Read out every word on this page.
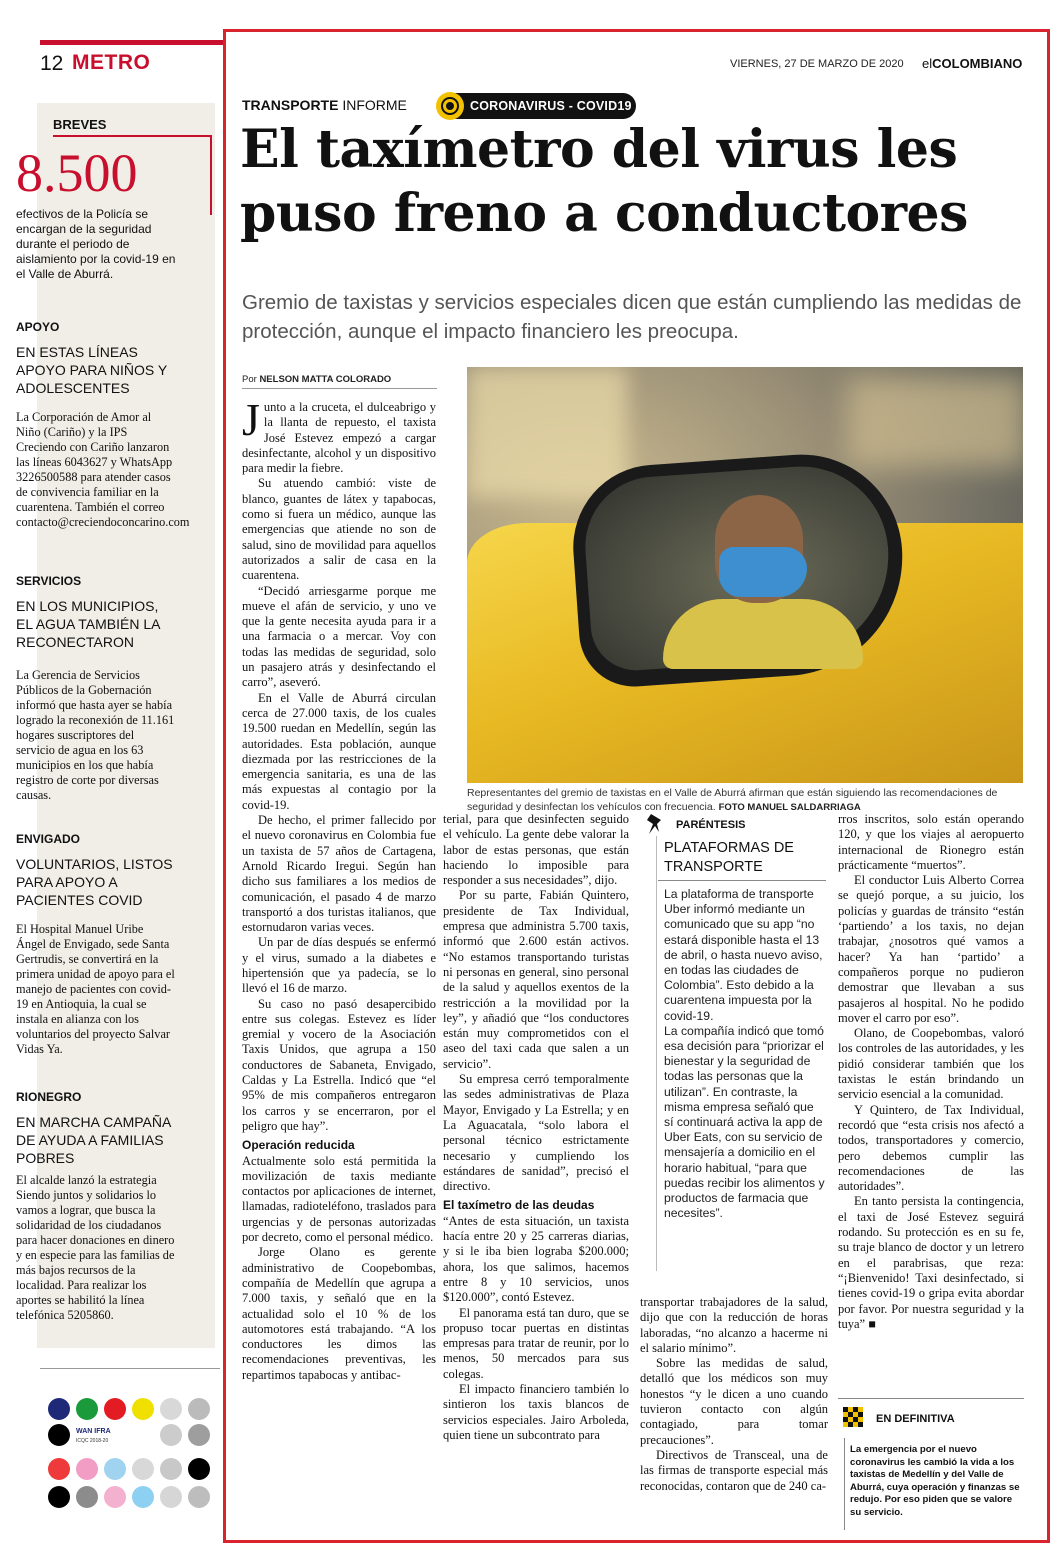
12 METRO
BREVES
8.500
efectivos de la Policía se encargan de la seguridad durante el periodo de aislamiento por la covid-19 en el Valle de Aburrá.
APOYO
EN ESTAS LÍNEAS APOYO PARA NIÑOS Y ADOLESCENTES
La Corporación de Amor al Niño (Cariño) y la IPS Creciendo con Cariño lanzaron las líneas 6043627 y WhatsApp 3226500588 para atender casos de convivencia familiar en la cuarentena. También el correo contacto@creciendoconcarino.com
SERVICIOS
EN LOS MUNICIPIOS, EL AGUA TAMBIÉN LA RECONECTARON
La Gerencia de Servicios Públicos de la Gobernación informó que hasta ayer se había logrado la reconexión de 11.161 hogares suscriptores del servicio de agua en los 63 municipios en los que había registro de corte por diversas causas.
ENVIGADO
VOLUNTARIOS, LISTOS PARA APOYO A PACIENTES COVID
El Hospital Manuel Uribe Ángel de Envigado, sede Santa Gertrudis, se convertirá en la primera unidad de apoyo para el manejo de pacientes con covid-19 en Antioquia, la cual se instala en alianza con los voluntarios del proyecto Salvar Vidas Ya.
RIONEGRO
EN MARCHA CAMPAÑA DE AYUDA A FAMILIAS POBRES
El alcalde lanzó la estrategia Siendo juntos y solidarios lo vamos a lograr, que busca la solidaridad de los ciudadanos para hacer donaciones en dinero y en especie para las familias de más bajos recursos de la localidad. Para realizar los aportes se habilitó la línea telefónica 5205860.
WAN IFRA
ICQC 2018-20
VIERNES, 27 DE MARZO DE 2020 elCOLOMBIANO
TRANSPORTE INFORME	CORONAVIRUS - COVID19
El taxímetro del virus les puso freno a conductores
Gremio de taxistas y servicios especiales dicen que están cumpliendo las medidas de protección, aunque el impacto financiero les preocupa.
Por NELSON MATTA COLORADO
Representantes del gremio de taxistas en el Valle de Aburrá afirman que están siguiendo las recomendaciones de seguridad y desinfectan los vehículos con frecuencia. FOTO MANUEL SALDARRIAGA

Junto a la cruceta, el dulceabrigo y la llanta de repuesto, el taxista José Estevez empezó a cargar desinfectante, alcohol y un dispositivo para medir la fiebre.

Su atuendo cambió: viste de blanco, guantes de látex y tapabocas, como si fuera un médico, aunque las emergencias que atiende no son de salud, sino de movilidad para aquellos autorizados a salir de casa en la cuarentena.

“Decidó arriesgarme porque me mueve el afán de servicio, y uno ve que la gente necesita ayuda para ir a una farmacia o a mercar. Voy con todas las medidas de seguridad, solo un pasajero atrás y desinfectando el carro”, aseveró.

En el Valle de Aburrá circulan cerca de 27.000 taxis, de los cuales 19.500 ruedan en Medellín, según las autoridades. Esta población, aunque diezmada por las restricciones de la emergencia sanitaria, es una de las más expuestas al contagio por la covid-19.

De hecho, el primer fallecido por el nuevo coronavirus en Colombia fue un taxista de 57 años de Cartagena, Arnold Ricardo Iregui. Según han dicho sus familiares a los medios de comunicación, el pasado 4 de marzo transportó a dos turistas italianos, que estornudaron varias veces.

Un par de días después se enfermó y el virus, sumado a la diabetes e hipertensión que ya padecía, se lo llevó el 16 de marzo.

Su caso no pasó desapercibido entre sus colegas. Estevez es líder gremial y vocero de la Asociación Taxis Unidos, que agrupa a 150 conductores de Sabaneta, Envigado, Caldas y La Estrella. Indicó que “el 95% de mis compañeros entregaron los carros y se encerraron, por el peligro que hay”.

Operación reducida

Actualmente solo está permitida la movilización de taxis mediante contactos por aplicaciones de internet, llamadas, radioteléfono, traslados para urgencias y de personas autorizadas por decreto, como el personal médico.

Jorge Olano es gerente administrativo de Coopebombas, compañía de Medellín que agrupa a 7.000 taxis, y señaló que en la actualidad solo el 10 % de los automotores está trabajando. “A los conductores les dimos las recomendaciones preventivas, les repartimos tapabocas y antibac-

terial, para que desinfecten seguido el vehículo. La gente debe valorar la labor de estas personas, que están haciendo lo imposible para responder a sus necesidades”, dijo.

Por su parte, Fabián Quintero, presidente de Tax Individual, empresa que administra 5.700 taxis, informó que 2.600 están activos. “No estamos transportando turistas ni personas en general, sino personal de la salud y aquellos exentos de la restricción a la movilidad por la ley”, y añadió que “los conductores están muy comprometidos con el aseo del taxi cada que salen a un servicio”.

Su empresa cerró temporalmente las sedes administrativas de Plaza Mayor, Envigado y La Estrella; y en La Aguacatala, “solo labora el personal técnico estrictamente necesario y cumpliendo los estándares de sanidad”, precisó el directivo.

El taxímetro de las deudas

“Antes de esta situación, un taxista hacía entre 20 y 25 carreras diarias, y si le iba bien lograba $200.000; ahora, los que salimos, hacemos entre 8 y 10 servicios, unos $120.000”, contó Estevez.

El panorama está tan duro, que se propuso tocar puertas en distintas empresas para tratar de reunir, por lo menos, 50 mercados para sus colegas.

El impacto financiero también lo sintieron los taxis blancos de servicios especiales. Jairo Arboleda, quien tiene un subcontrato para

PARÉNTESIS
PLATAFORMAS DE TRANSPORTE

La plataforma de transporte Uber informó mediante un comunicado que su app “no estará disponible hasta el 13 de abril, o hasta nuevo aviso, en todas las ciudades de Colombia”. Esto debido a la cuarentena impuesta por la covid-19.

La compañía indicó que tomó esa decisión para “priorizar el bienestar y la seguridad de todas las personas que la utilizan”. En contraste, la misma empresa señaló que sí continuará activa la app de Uber Eats, con su servicio de mensajería a domicilio en el horario habitual, “para que puedas recibir los alimentos y productos de farmacia que necesites”.

transportar trabajadores de la salud, dijo que con la reducción de horas laboradas, “no alcanzo a hacerme ni el salario mínimo”.

Sobre las medidas de salud, detalló que los médicos son muy honestos “y le dicen a uno cuando tuvieron contacto con algún contagiado, para tomar precauciones”.

Directivos de Transceal, una de las firmas de transporte especial más reconocidas, contaron que de 240 ca-

rros inscritos, solo están operando 120, y que los viajes al aeropuerto internacional de Rionegro están prácticamente “muertos”.

El conductor Luis Alberto Correa se quejó porque, a su juicio, los policías y guardas de tránsito “están ‘partiendo’ a los taxis, no dejan trabajar, ¿nosotros qué vamos a hacer? Ya han ‘partido’ a compañeros porque no pudieron demostrar que llevaban a sus pasajeros al hospital. No he podido mover el carro por eso”.

Olano, de Coopebombas, valoró los controles de las autoridades, y les pidió considerar también que los taxistas le están brindando un servicio esencial a la comunidad.

Y Quintero, de Tax Individual, recordó que “esta crisis nos afectó a todos, transportadores y comercio, pero debemos cumplir las recomendaciones de las autoridades”.

En tanto persista la contingencia, el taxi de José Estevez seguirá rodando. Su protección es en su fe, su traje blanco de doctor y un letrero en el parabrisas, que reza: “¡Bienvenido! Taxi desinfectado, si tienes covid-19 o gripa evita abordar por favor. Por nuestra seguridad y la tuya” ■

EN DEFINITIVA
La emergencia por el nuevo coronavirus les cambió la vida a los taxistas de Medellín y del Valle de Aburrá, cuya operación y finanzas se redujo. Por eso piden que se valore su servicio.
